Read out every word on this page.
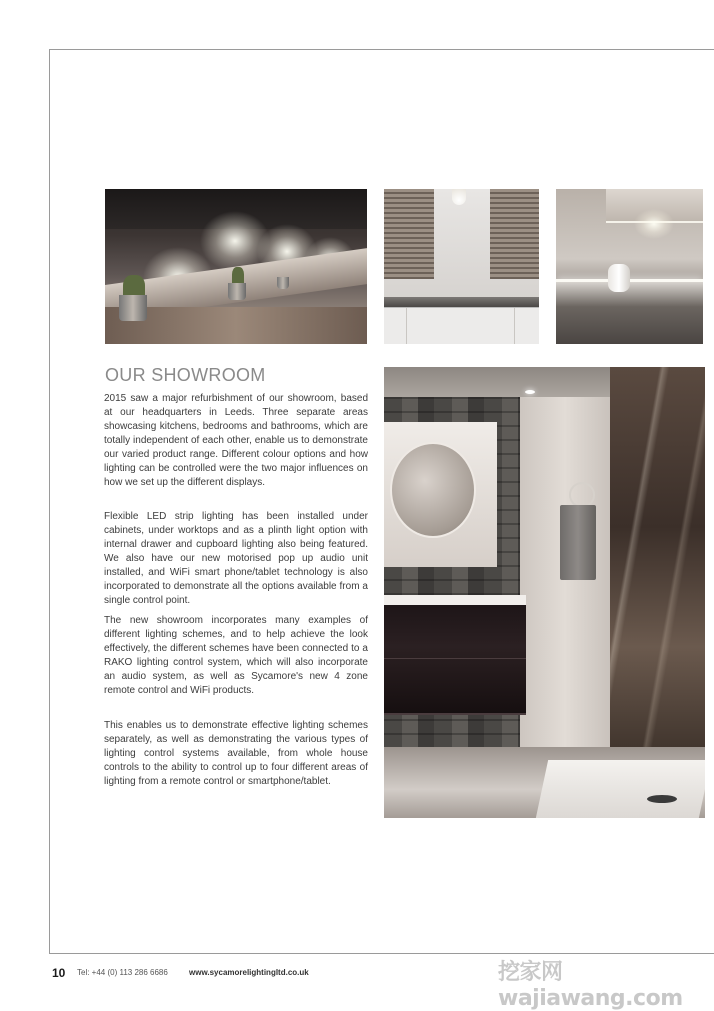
OUR SHOWROOM

2015 saw a major refurbishment of our showroom, based at our headquarters in Leeds. Three separate areas showcasing kitchens, bedrooms and bathrooms, which are totally independent of each other, enable us to demonstrate our varied product range. Different colour options and how lighting can be controlled were the two major influences on how we set up the different displays.

Flexible LED strip lighting has been installed under cabinets, under worktops and as a plinth light option with internal drawer and cupboard lighting also being featured. We also have our new motorised pop up audio unit installed, and WiFi smart phone/tablet technology is also incorporated to demonstrate all the options available from a single control point.

The new showroom incorporates many examples of different lighting schemes, and to help achieve the look effectively, the different schemes have been connected to a RAKO lighting control system, which will also incorporate an audio system, as well as Sycamore's new 4 zone remote control and WiFi products.

This enables us to demonstrate effective lighting schemes separately, as well as demonstrating the various types of lighting control systems available, from whole house controls to the ability to control up to four different areas of lighting from a remote control or smartphone/tablet.

10 Tel: +44 (0) 113 286 6686	www.sycamorelightingltd.co.uk	挖家网 wajiawang.com
